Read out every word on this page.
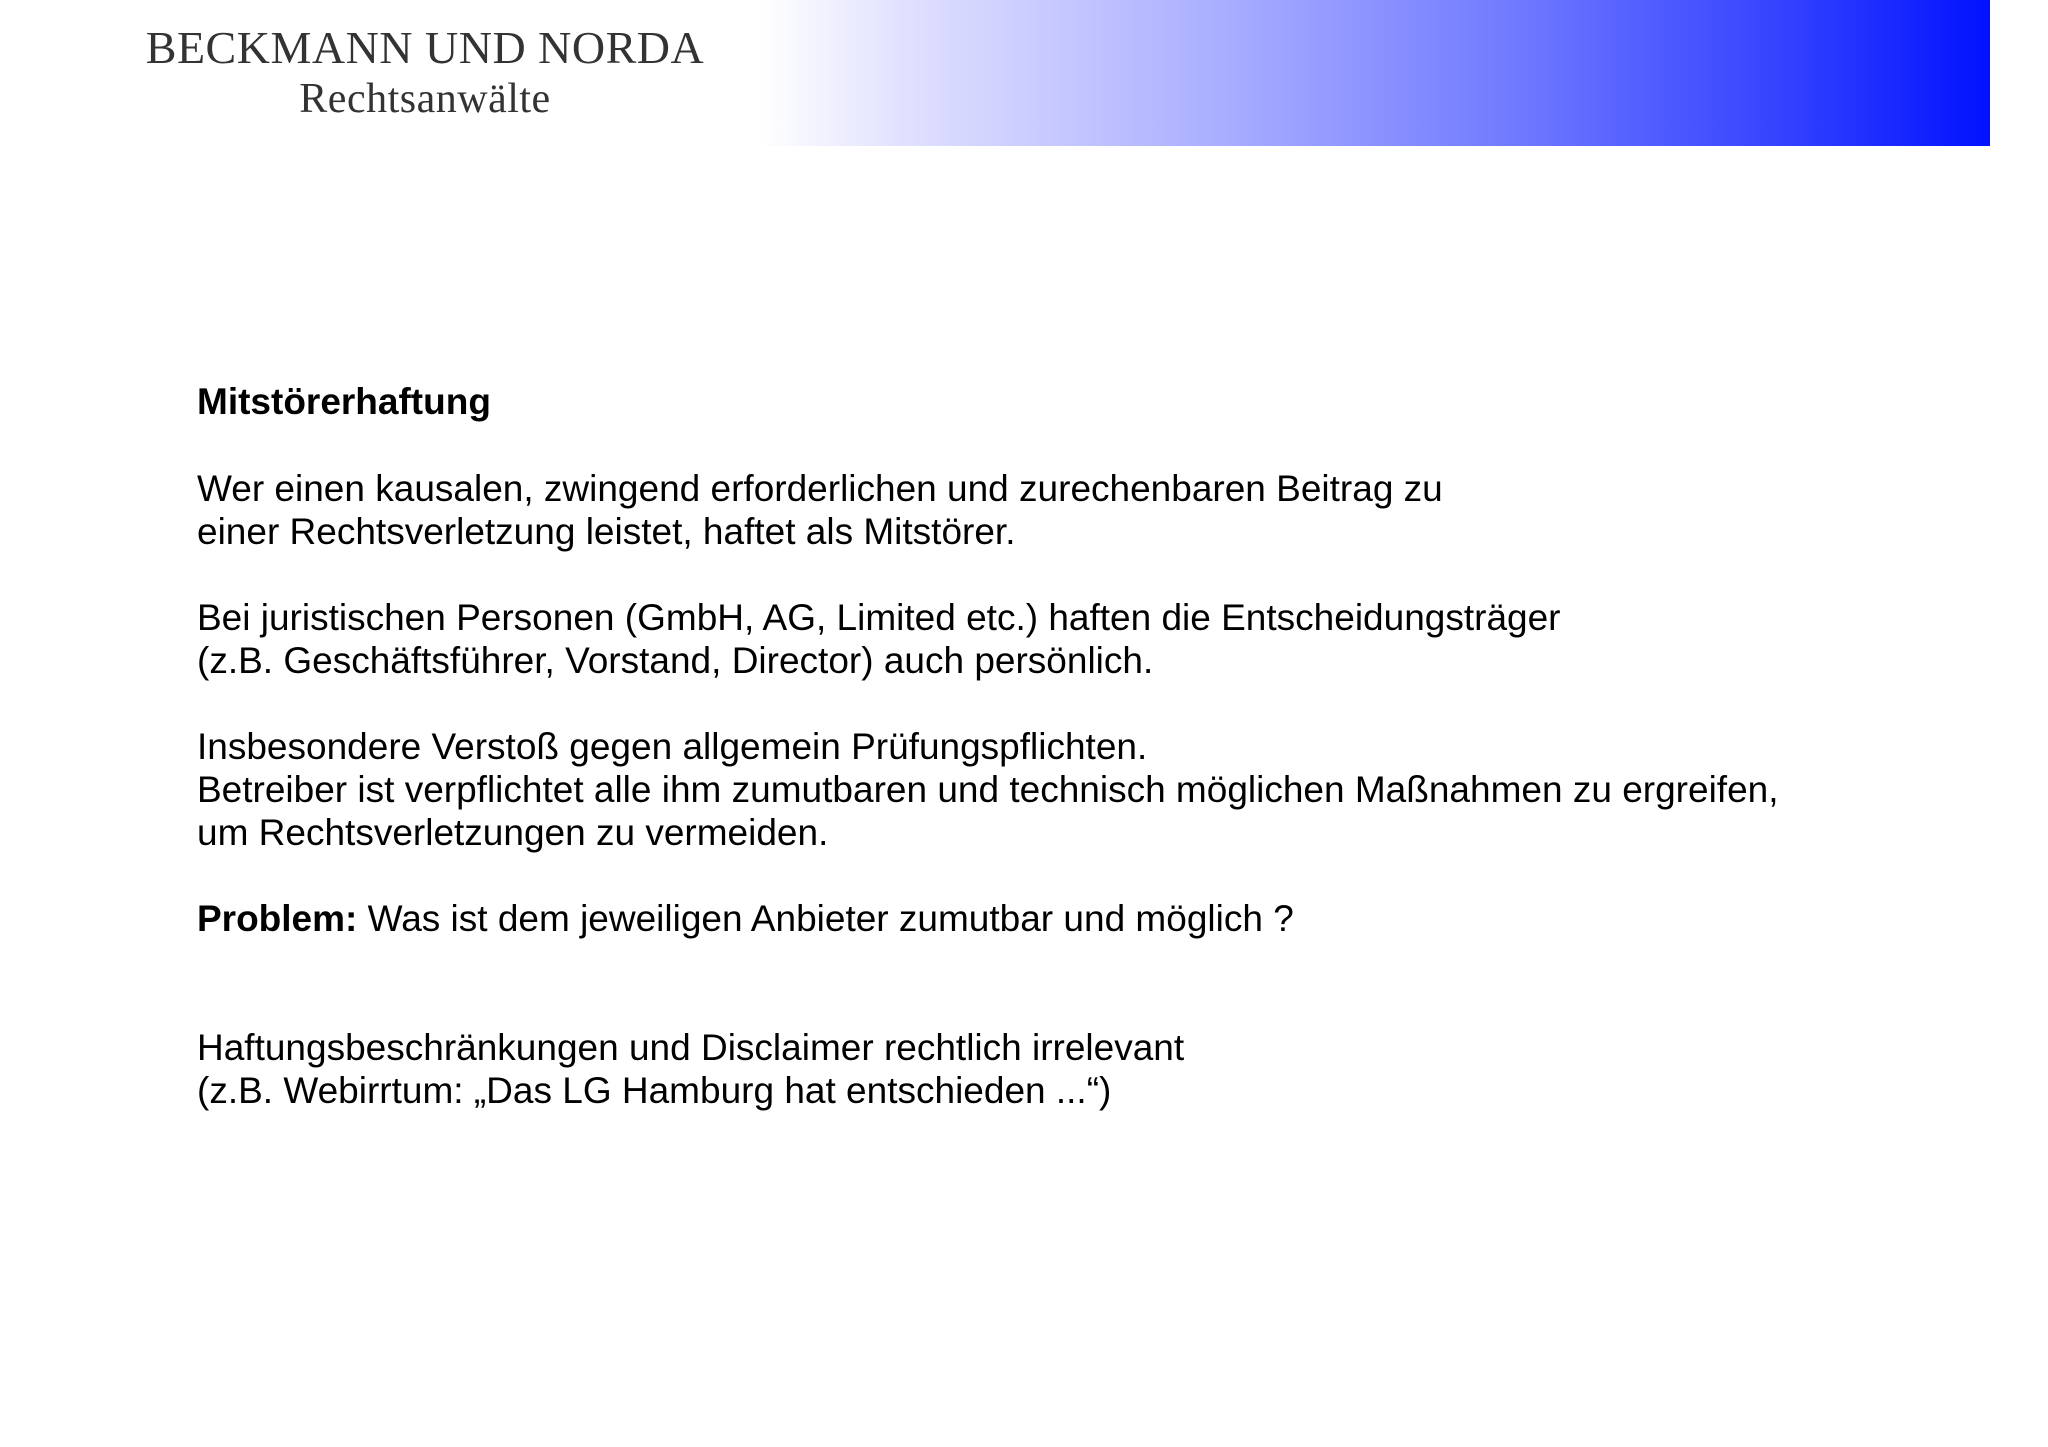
BECKMANN UND NORDA
Rechtsanwälte

Mitstörerhaftung

Wer einen kausalen, zwingend erforderlichen und zurechenbaren Beitrag zu
einer Rechtsverletzung leistet, haftet als Mitstörer.

Bei juristischen Personen (GmbH, AG, Limited etc.) haften die Entscheidungsträger
(z.B. Geschäftsführer, Vorstand, Director) auch persönlich.

Insbesondere Verstoß gegen allgemein Prüfungspflichten.
Betreiber ist verpflichtet alle ihm zumutbaren und technisch möglichen Maßnahmen zu ergreifen,
um Rechtsverletzungen zu vermeiden.

Problem: Was ist dem jeweiligen Anbieter zumutbar und möglich ?

Haftungsbeschränkungen und Disclaimer rechtlich irrelevant
(z.B. Webirrtum: „Das LG Hamburg hat entschieden ...“)
